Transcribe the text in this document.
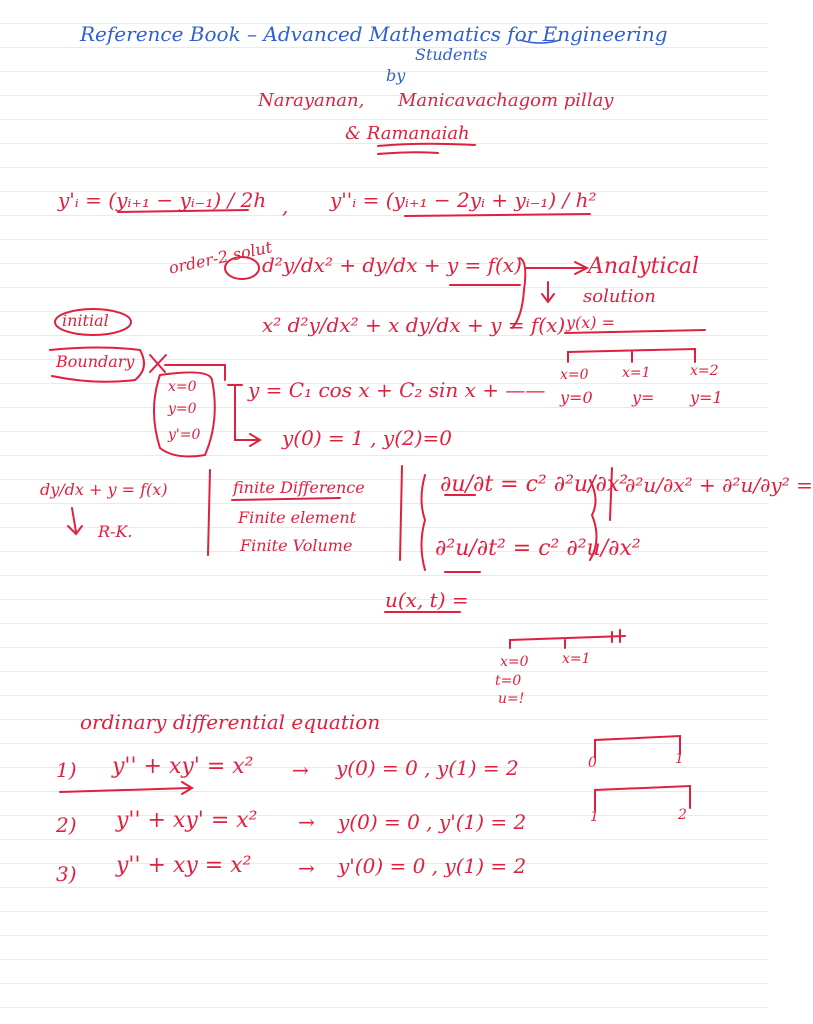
Reference Book – Advanced Mathematics for Engineering
Students
by
Narayanan, Manicavachagom pillay
& Ramanaiah
y'ᵢ = (yᵢ₊₁ − yᵢ₋₁) / 2h , y''ᵢ = (yᵢ₊₁ − 2yᵢ + yᵢ₋₁) / h²
order-2 solut
d²y/dx² + dy/dx + y = f(x)
x² d²y/dx² + x dy/dx + y = f(x)
Analytical
solution
y(x) =
initial
Boundary
x=0
y=0
y'=0
y = C₁ cos x + C₂ sin x + ——
y(0) = 1 , y(2)=0
x=0 x=1	x=2
y=0 y= y=1
dy/dx + y = f(x)
R-K.
finite Difference
Finite element
Finite Volume
∂u/∂t = c² ∂²u/∂x²
∂²u/∂t² = c² ∂²u/∂x²
∂²u/∂x² + ∂²u/∂y² =
u(x, t) =
x=0 x=1
t=0
u=!
ordinary differential equation
1) y'' + xy' = x² → y(0) = 0 , y(1) = 2
2) y'' + xy' = x² → y(0) = 0 , y'(1) = 2
3) y'' + xy = x² → y'(0) = 0 , y(1) = 2
0	1
1	2
